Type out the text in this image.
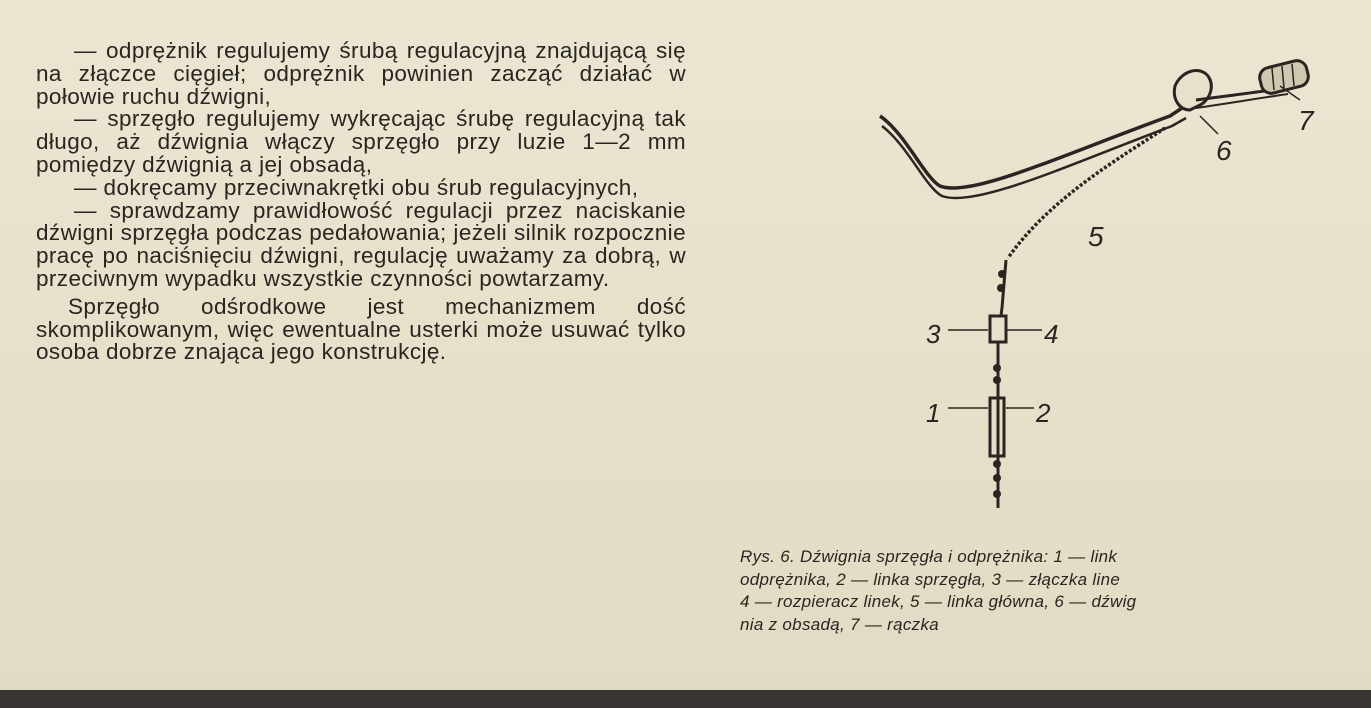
— odprężnik regulujemy śrubą regulacyjną znajdującą się na złączce cięgieł; odprężnik powinien zacząć działać w połowie ruchu dźwigni,

— sprzęgło regulujemy wykręcając śrubę regulacyjną tak długo, aż dźwignia włączy sprzęgło przy luzie 1—2 mm pomiędzy dźwignią a jej obsadą,

— dokręcamy przeciwnakrętki obu śrub regulacyjnych,

— sprawdzamy prawidłowość regulacji przez naciskanie dźwigni sprzęgła podczas pedałowania; jeżeli silnik rozpocznie pracę po naciśnięciu dźwigni, regulację uważamy za dobrą, w przeciwnym wypadku wszystkie czynności powtarzamy.

Sprzęgło odśrodkowe jest mechanizmem dość skomplikowanym, więc ewentualne usterki może usuwać tylko osoba dobrze znająca jego konstrukcję.

1	2
3	4
5
6
7
Rys. 6. Dźwignia sprzęgła i odprężnika: 1 — link
odprężnika, 2 — linka sprzęgła, 3 — złączka line
4 — rozpieracz linek, 5 — linka główna, 6 — dźwig
nia z obsadą, 7 — rączka
